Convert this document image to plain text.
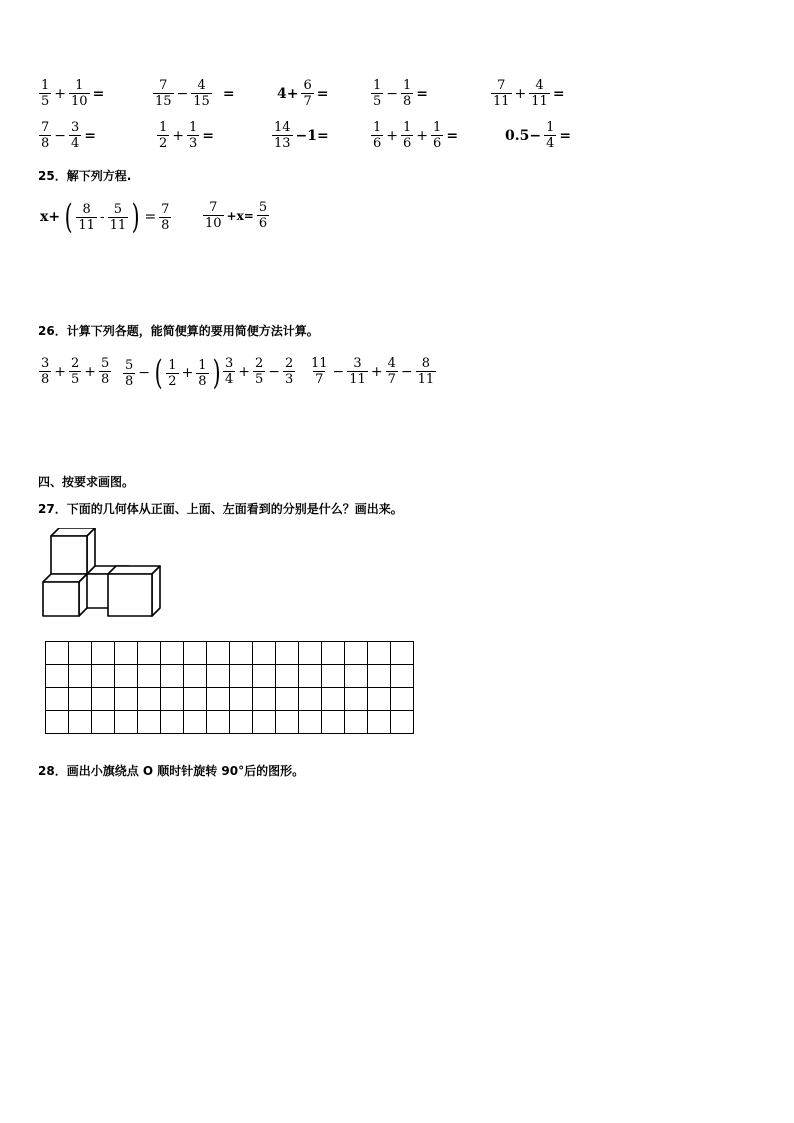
$\frac{1}{5} + \frac{1}{10}$ =	$\frac{7}{15} - \frac{4}{15}$ =	$4+ \frac{6}{7}$ =	$\frac{1}{5} - \frac{1}{8}$ =	$\frac{7}{11} + \frac{4}{11}$ =
$\frac{7}{8} - \frac{3}{4}$ =	$\frac{1}{2} + \frac{1}{3}$ =	$\frac{14}{13} -1=$	$\frac{1}{6} + \frac{1}{6} + \frac{1}{6}$ =	$0.5- \frac{1}{4}$ =
25．解下列方程.
x+ ( $\frac{8}{11} - \frac{5}{11}$ ) = $\frac{7}{8} \frac{7}{10} +x= \frac{5}{6}$
26．计算下列各题，能简便算的要用简便方法计算。
$\frac{3}{8} + \frac{2}{5} + \frac{5}{8} \frac{5}{8}$ − ( $\frac{1}{2} + \frac{1}{8}$ ) $\frac{3}{4} + \frac{2}{5} - \frac{2}{3} \frac{11}{7} - \frac{3}{11} + \frac{4}{7} - \frac{8}{11}$
四、按要求画图。
27．下面的几何体从正面、上面、左面看到的分别是什么？画出来。

28．画出小旗绕点 O 顺时针旋转 90°后的图形。
